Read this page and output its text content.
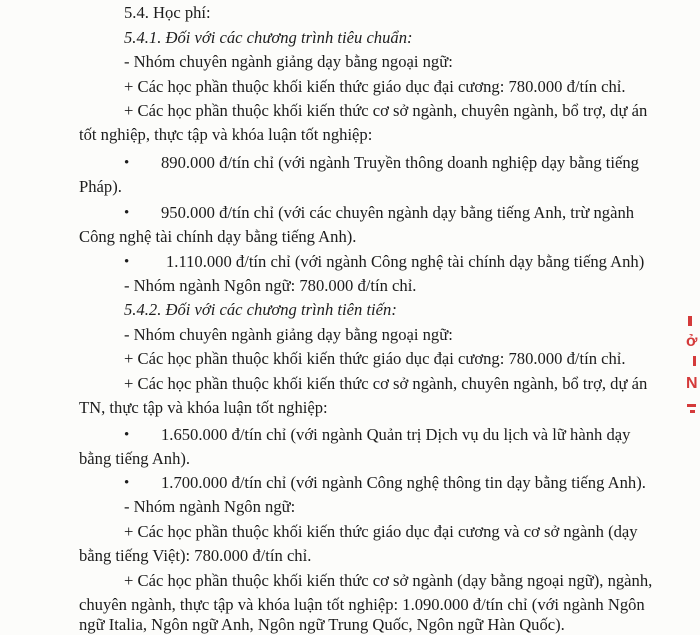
5.4. Học phí:
5.4.1. Đối với các chương trình tiêu chuẩn:
- Nhóm chuyên ngành giảng dạy bằng ngoại ngữ:
+ Các học phần thuộc khối kiến thức giáo dục đại cương: 780.000 đ/tín chỉ.
+ Các học phần thuộc khối kiến thức cơ sở ngành, chuyên ngành, bổ trợ, dự án
tốt nghiệp, thực tập và khóa luận tốt nghiệp:
• 890.000 đ/tín chỉ (với ngành Truyền thông doanh nghiệp dạy bằng tiếng
Pháp).
• 950.000 đ/tín chỉ (với các chuyên ngành dạy bằng tiếng Anh, trừ ngành
Công nghệ tài chính dạy bằng tiếng Anh).
• 1.110.000 đ/tín chỉ (với ngành Công nghệ tài chính dạy bằng tiếng Anh)
- Nhóm ngành Ngôn ngữ: 780.000 đ/tín chỉ.
5.4.2. Đối với các chương trình tiên tiến:
- Nhóm chuyên ngành giảng dạy bằng ngoại ngữ:
+ Các học phần thuộc khối kiến thức giáo dục đại cương: 780.000 đ/tín chỉ.
+ Các học phần thuộc khối kiến thức cơ sở ngành, chuyên ngành, bổ trợ, dự án
TN, thực tập và khóa luận tốt nghiệp:
• 1.650.000 đ/tín chỉ (với ngành Quản trị Dịch vụ du lịch và lữ hành dạy
bằng tiếng Anh).
• 1.700.000 đ/tín chỉ (với ngành Công nghệ thông tin dạy bằng tiếng Anh).
- Nhóm ngành Ngôn ngữ:
+ Các học phần thuộc khối kiến thức giáo dục đại cương và cơ sở ngành (dạy
bằng tiếng Việt): 780.000 đ/tín chỉ.
+ Các học phần thuộc khối kiến thức cơ sở ngành (dạy bằng ngoại ngữ), ngành,
chuyên ngành, thực tập và khóa luận tốt nghiệp: 1.090.000 đ/tín chỉ (với ngành Ngôn
ngữ Italia, Ngôn ngữ Anh, Ngôn ngữ Trung Quốc, Ngôn ngữ Hàn Quốc).
ở
N
